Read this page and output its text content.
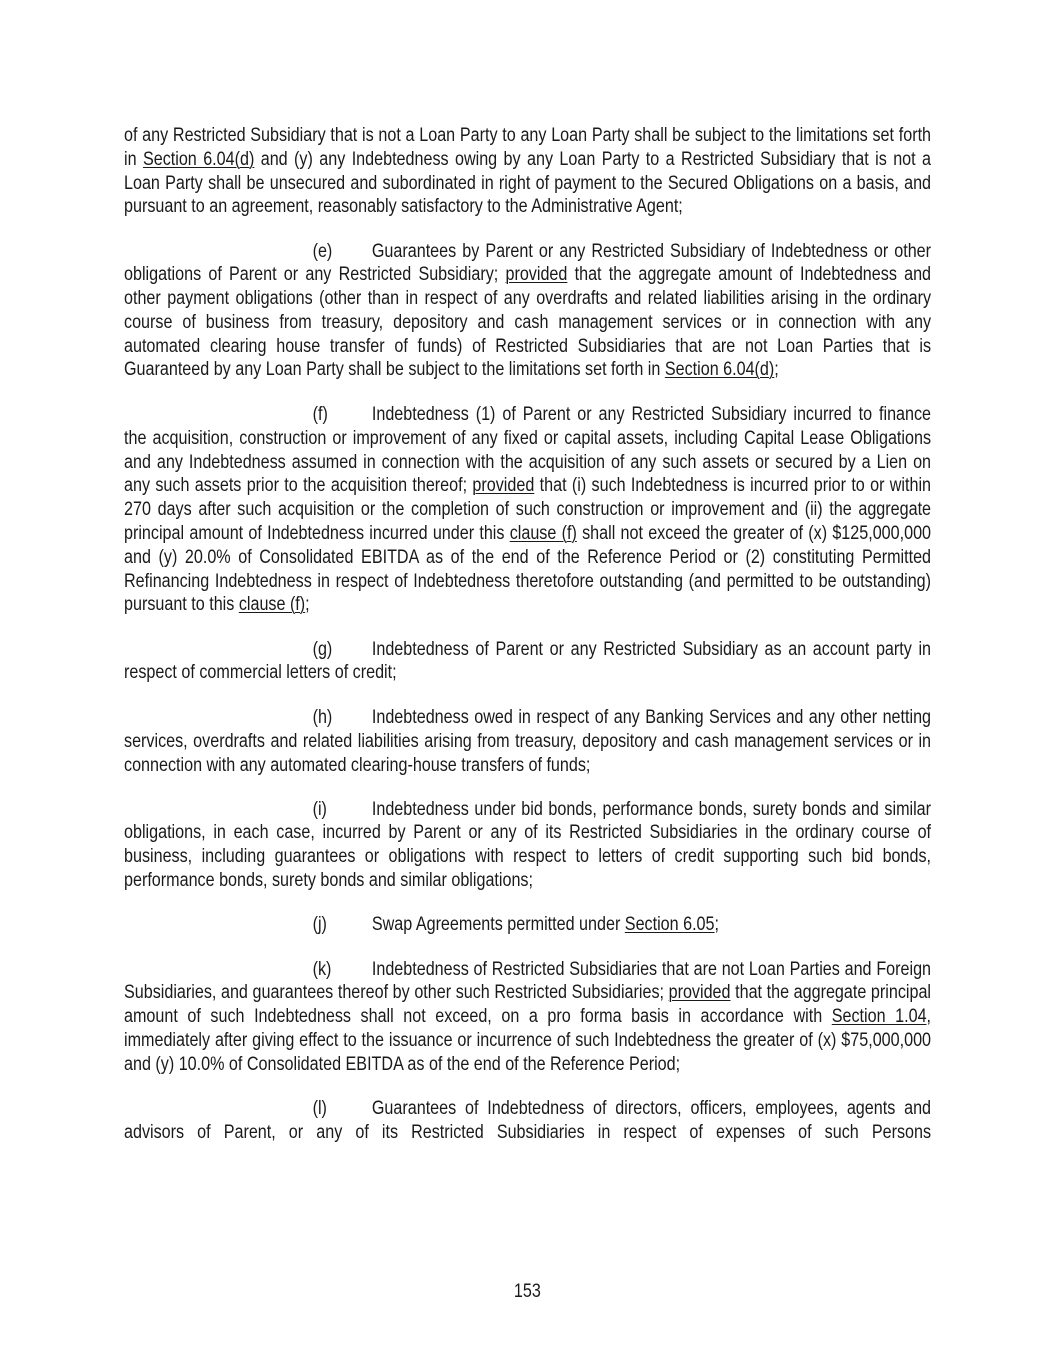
of any Restricted Subsidiary that is not a Loan Party to any Loan Party shall be subject to the limitations set forth in Section 6.04(d) and (y) any Indebtedness owing by any Loan Party to a Restricted Subsidiary that is not a Loan Party shall be unsecured and subordinated in right of payment to the Secured Obligations on a basis, and pursuant to an agreement, reasonably satisfactory to the Administrative Agent;

(e) Guarantees by Parent or any Restricted Subsidiary of Indebtedness or other obligations of Parent or any Restricted Subsidiary; provided that the aggregate amount of Indebtedness and other payment obligations (other than in respect of any overdrafts and related liabilities arising in the ordinary course of business from treasury, depository and cash management services or in connection with any automated clearing house transfer of funds) of Restricted Subsidiaries that are not Loan Parties that is Guaranteed by any Loan Party shall be subject to the limitations set forth in Section 6.04(d);

(f) Indebtedness (1) of Parent or any Restricted Subsidiary incurred to finance the acquisition, construction or improvement of any fixed or capital assets, including Capital Lease Obligations and any Indebtedness assumed in connection with the acquisition of any such assets or secured by a Lien on any such assets prior to the acquisition thereof; provided that (i) such Indebtedness is incurred prior to or within 270 days after such acquisition or the completion of such construction or improvement and (ii) the aggregate principal amount of Indebtedness incurred under this clause (f) shall not exceed the greater of (x) $125,000,000 and (y) 20.0% of Consolidated EBITDA as of the end of the Reference Period or (2) constituting Permitted Refinancing Indebtedness in respect of Indebtedness theretofore outstanding (and permitted to be outstanding) pursuant to this clause (f);

(g) Indebtedness of Parent or any Restricted Subsidiary as an account party in respect of commercial letters of credit;

(h) Indebtedness owed in respect of any Banking Services and any other netting services, overdrafts and related liabilities arising from treasury, depository and cash management services or in connection with any automated clearing-house transfers of funds;

(i) Indebtedness under bid bonds, performance bonds, surety bonds and similar obligations, in each case, incurred by Parent or any of its Restricted Subsidiaries in the ordinary course of business, including guarantees or obligations with respect to letters of credit supporting such bid bonds, performance bonds, surety bonds and similar obligations;

(j) Swap Agreements permitted under Section 6.05;

(k) Indebtedness of Restricted Subsidiaries that are not Loan Parties and Foreign Subsidiaries, and guarantees thereof by other such Restricted Subsidiaries; provided that the aggregate principal amount of such Indebtedness shall not exceed, on a pro forma basis in accordance with Section 1.04, immediately after giving effect to the issuance or incurrence of such Indebtedness the greater of (x) $75,000,000 and (y) 10.0% of Consolidated EBITDA as of the end of the Reference Period;

(l) Guarantees of Indebtedness of directors, officers, employees, agents and advisors of Parent, or any of its Restricted Subsidiaries in respect of expenses of such Persons

153
